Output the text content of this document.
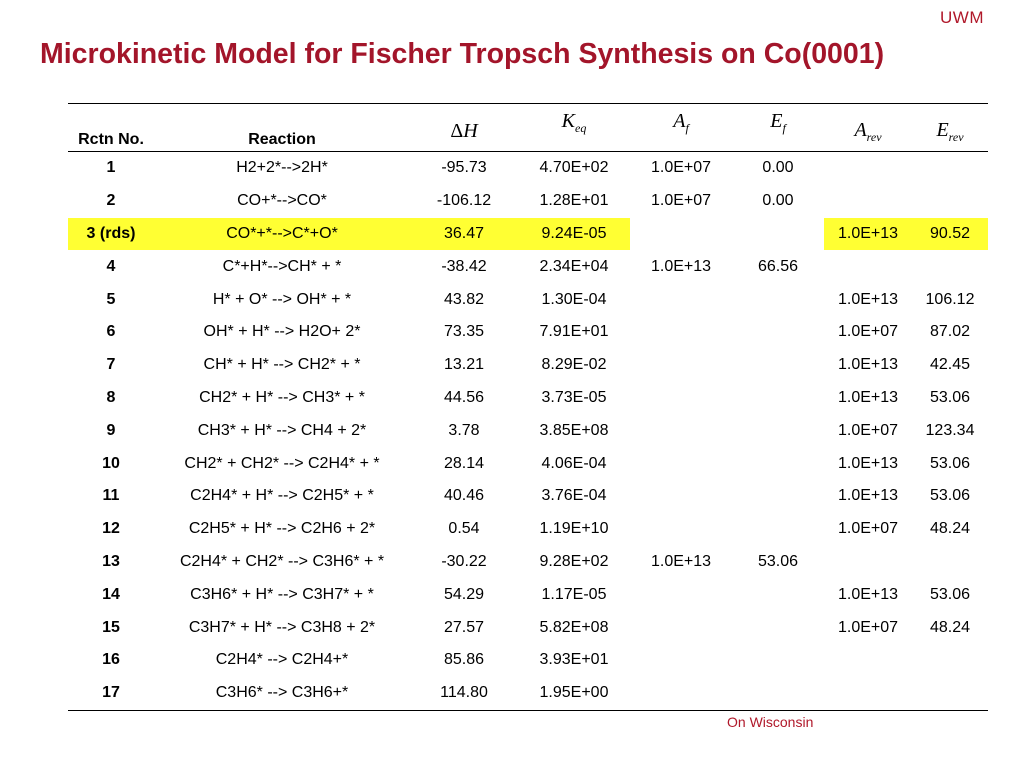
UWM
Microkinetic Model for Fischer Tropsch Synthesis on Co(0001)
Rctn No.	Reaction	ΔH	$K_{eq}$	$A_f$	$E_f$	$A_{rev}$	$E_{rev}$
1	H2+2*-->2H*	-95.73	4.70E+02	1.0E+07	0.00		
2	CO+*-->CO*	-106.12	1.28E+01	1.0E+07	0.00		
3 (rds)	CO*+*-->C*+O*	36.47	9.24E-05			1.0E+13	90.52
4	C*+H*-->CH* + *	-38.42	2.34E+04	1.0E+13	66.56		
5	H* + O* --> OH* + *	43.82	1.30E-04			1.0E+13	106.12
6	OH* + H* --> H2O+ 2*	73.35	7.91E+01			1.0E+07	87.02
7	CH* + H* --> CH2* + *	13.21	8.29E-02			1.0E+13	42.45
8	CH2* + H* --> CH3* + *	44.56	3.73E-05			1.0E+13	53.06
9	CH3* + H* --> CH4 + 2*	3.78	3.85E+08			1.0E+07	123.34
10	CH2* + CH2* --> C2H4* + *	28.14	4.06E-04			1.0E+13	53.06
11	C2H4* + H* --> C2H5* + *	40.46	3.76E-04			1.0E+13	53.06
12	C2H5* + H* --> C2H6 + 2*	0.54	1.19E+10			1.0E+07	48.24
13	C2H4* + CH2* --> C3H6* + *	-30.22	9.28E+02	1.0E+13	53.06		
14	C3H6* + H* --> C3H7* + *	54.29	1.17E-05			1.0E+13	53.06
15	C3H7* + H* --> C3H8 + 2*	27.57	5.82E+08			1.0E+07	48.24
16	C2H4* --> C2H4+*	85.86	3.93E+01				
17	C3H6* --> C3H6+*	114.80	1.95E+00				
On Wisconsin
